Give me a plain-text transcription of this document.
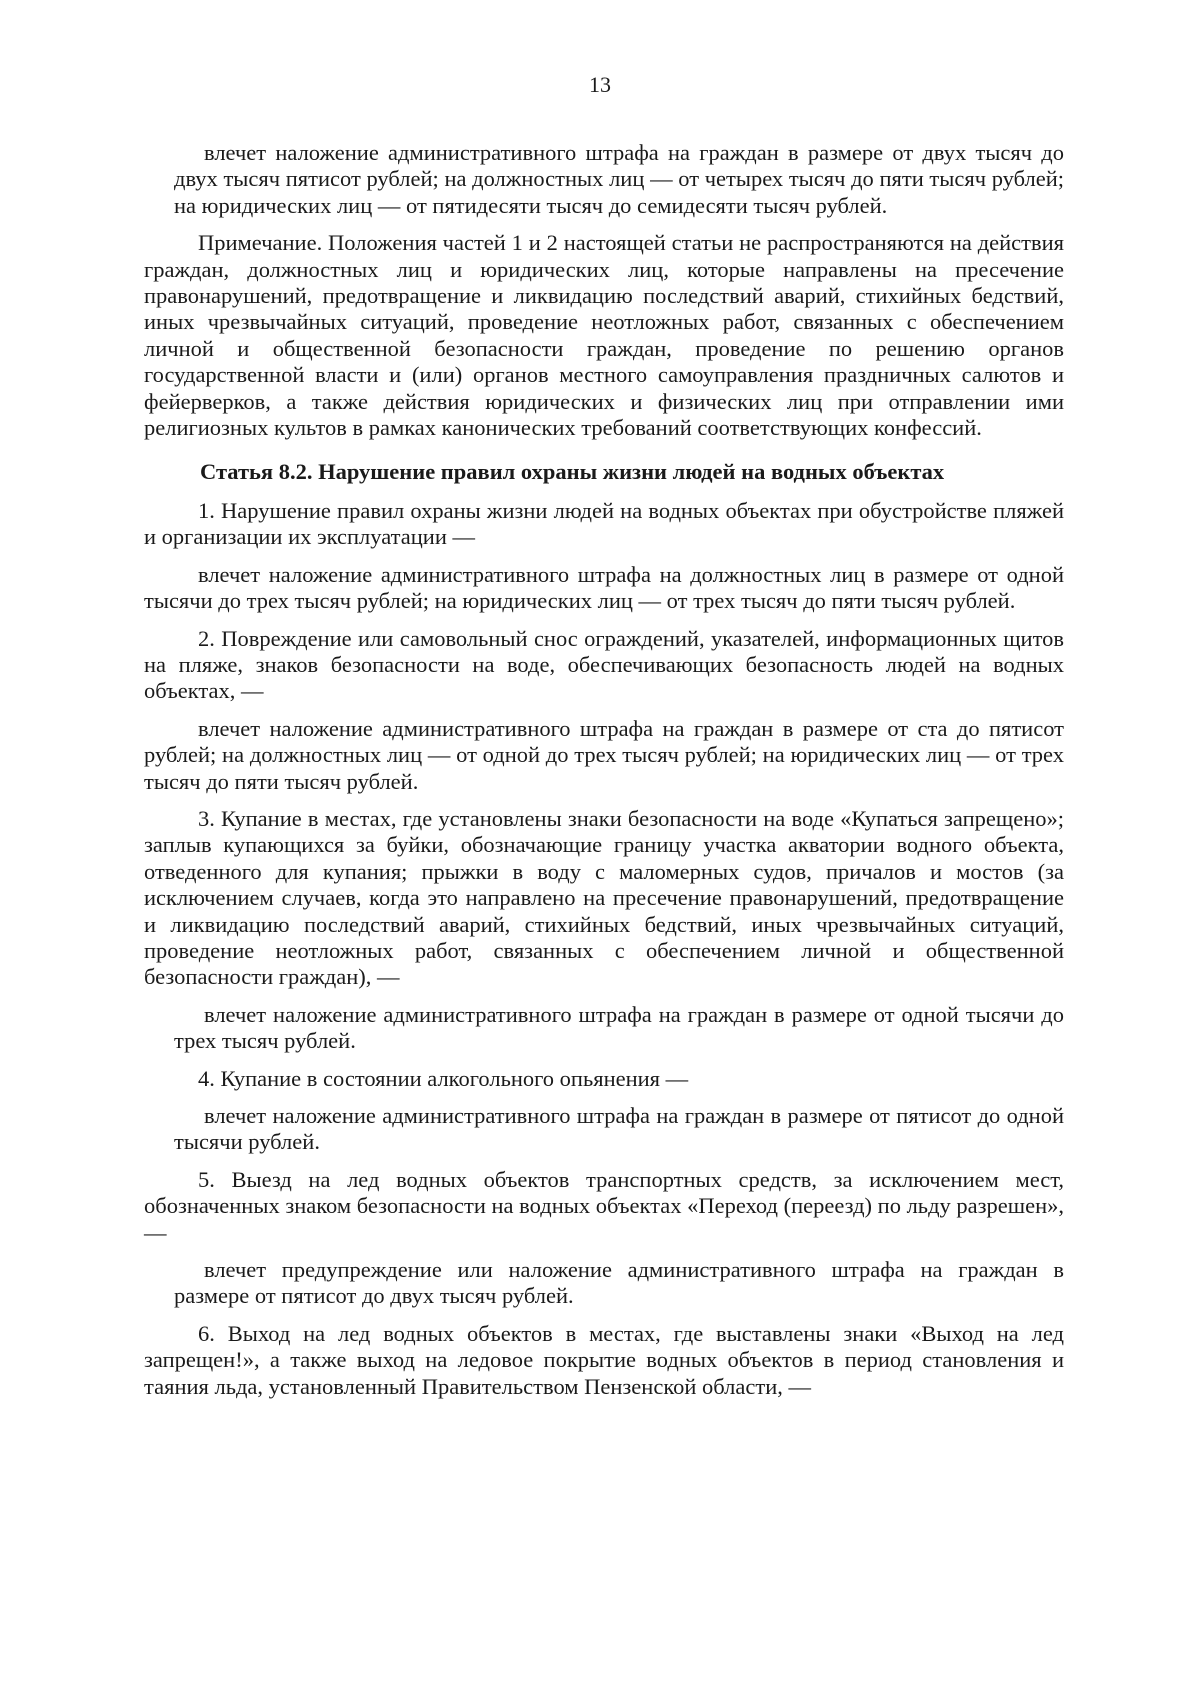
13

влечет наложение административного штрафа на граждан в размере от двух тысяч до двух тысяч пятисот рублей; на должностных лиц — от четырех тысяч до пяти тысяч рублей; на юридических лиц — от пятидесяти тысяч до семидесяти тысяч рублей.

Примечание. Положения частей 1 и 2 настоящей статьи не распространяются на действия граждан, должностных лиц и юридических лиц, которые направлены на пресечение правонарушений, предотвращение и ликвидацию последствий аварий, стихийных бедствий, иных чрезвычайных ситуаций, проведение неотложных работ, связанных с обеспечением личной и общественной безопасности граждан, проведение по решению органов государственной власти и (или) органов местного самоуправления праздничных салютов и фейерверков, а также действия юридических и физических лиц при отправлении ими религиозных культов в рамках канонических требований соответствующих конфессий.

Статья 8.2. Нарушение правил охраны жизни людей на водных объектах

1. Нарушение правил охраны жизни людей на водных объектах при обустройстве пляжей и организации их эксплуатации —

влечет наложение административного штрафа на должностных лиц в размере от одной тысячи до трех тысяч рублей; на юридических лиц — от трех тысяч до пяти тысяч рублей.

2. Повреждение или самовольный снос ограждений, указателей, информационных щитов на пляже, знаков безопасности на воде, обеспечивающих безопасность людей на водных объектах, —

влечет наложение административного штрафа на граждан в размере от ста до пятисот рублей; на должностных лиц — от одной до трех тысяч рублей; на юридических лиц — от трех тысяч до пяти тысяч рублей.

3. Купание в местах, где установлены знаки безопасности на воде «Купаться запрещено»; заплыв купающихся за буйки, обозначающие границу участка акватории водного объекта, отведенного для купания; прыжки в воду с маломерных судов, причалов и мостов (за исключением случаев, когда это направлено на пресечение правонарушений, предотвращение и ликвидацию последствий аварий, стихийных бедствий, иных чрезвычайных ситуаций, проведение неотложных работ, связанных с обеспечением личной и общественной безопасности граждан), —

влечет наложение административного штрафа на граждан в размере от одной тысячи до трех тысяч рублей.

4. Купание в состоянии алкогольного опьянения —

влечет наложение административного штрафа на граждан в размере от пятисот до одной тысячи рублей.

5. Выезд на лед водных объектов транспортных средств, за исключением мест, обозначенных знаком безопасности на водных объектах «Переход (переезд) по льду разрешен», —

влечет предупреждение или наложение административного штрафа на граждан в размере от пятисот до двух тысяч рублей.

6. Выход на лед водных объектов в местах, где выставлены знаки «Выход на лед запрещен!», а также выход на ледовое покрытие водных объектов в период становления и таяния льда, установленный Правительством Пензенской области, —
